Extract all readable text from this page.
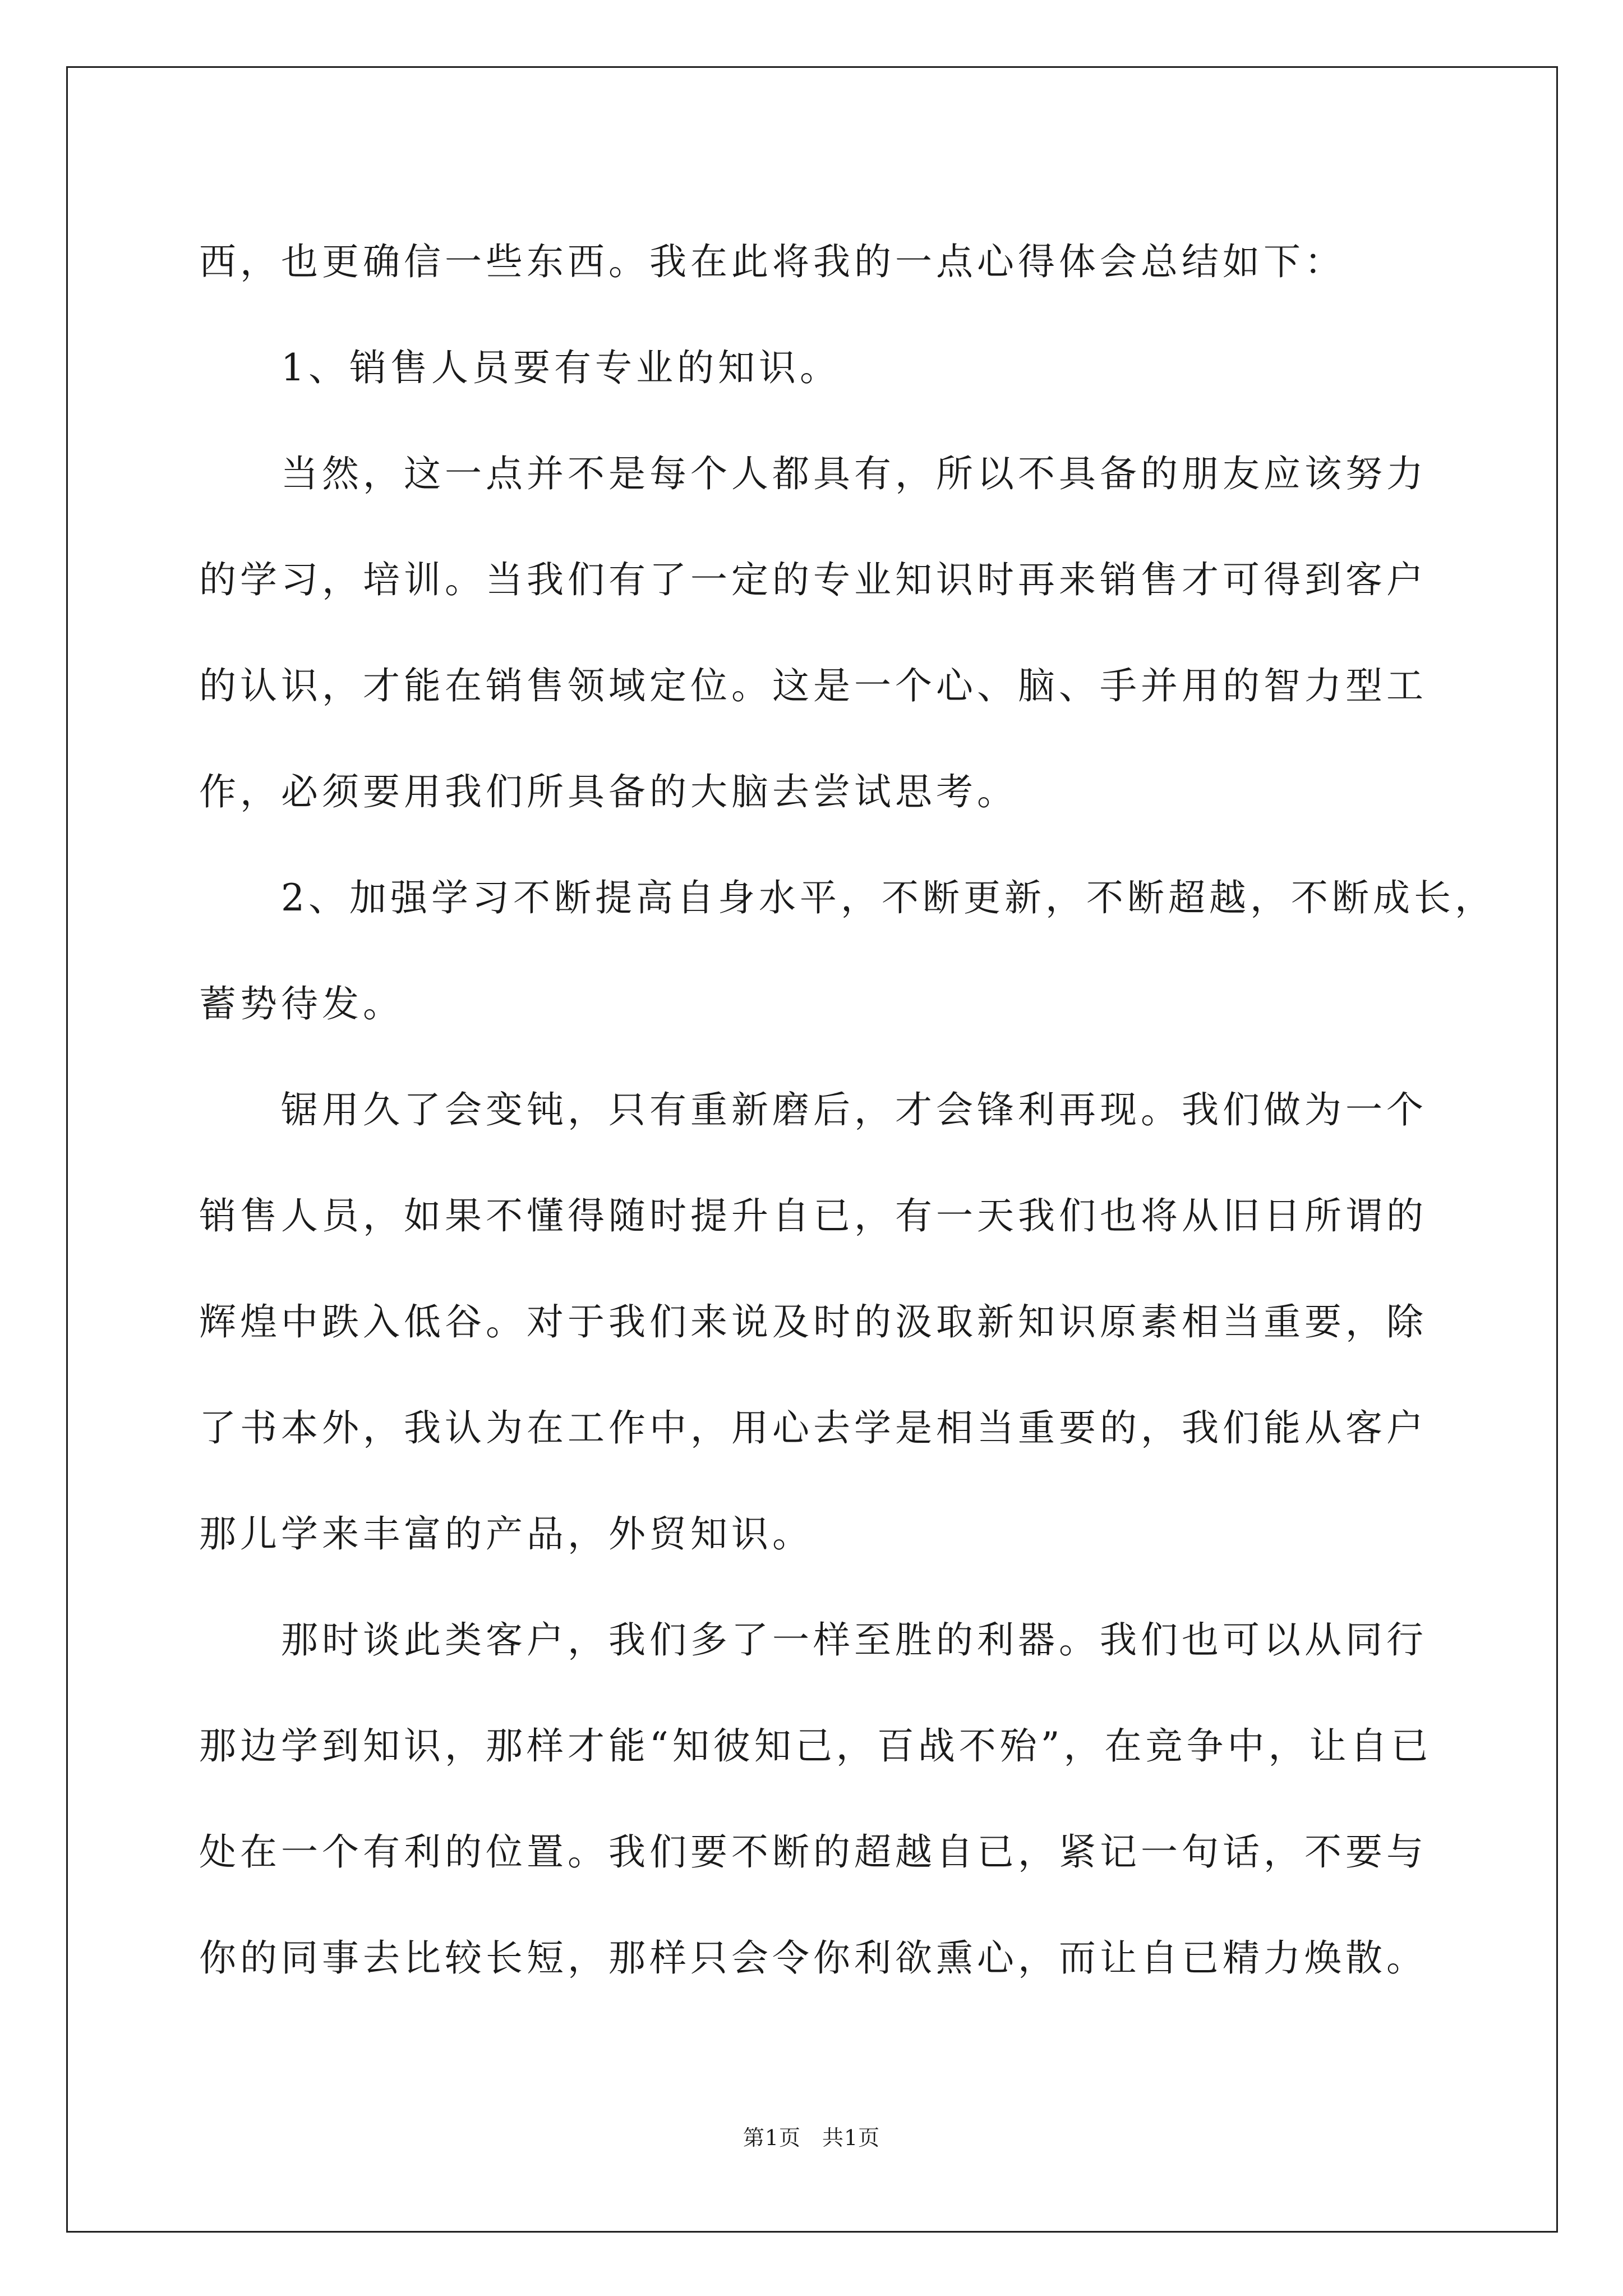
西，也更确信一些东西。我在此将我的一点心得体会总结如下：

1、销售人员要有专业的知识。

当然，这一点并不是每个人都具有，所以不具备的朋友应该努力

的学习，培训。当我们有了一定的专业知识时再来销售才可得到客户
的认识，才能在销售领域定位。这是一个心、脑、手并用的智力型工
作，必须要用我们所具备的大脑去尝试思考。

2、加强学习不断提高自身水平，不断更新，不断超越，不断成长，

蓄势待发。

锯用久了会变钝，只有重新磨后，才会锋利再现。我们做为一个

销售人员，如果不懂得随时提升自已，有一天我们也将从旧日所谓的
辉煌中跌入低谷。对于我们来说及时的汲取新知识原素相当重要，除
了书本外，我认为在工作中，用心去学是相当重要的，我们能从客户
那儿学来丰富的产品，外贸知识。

那时谈此类客户，我们多了一样至胜的利器。我们也可以从同行

那边学到知识，那样才能“知彼知己，百战不殆”，在竞争中，让自已
处在一个有利的位置。我们要不断的超越自已，紧记一句话，不要与
你的同事去比较长短，那样只会令你利欲熏心，而让自已精力焕散。

第1页 共1页
